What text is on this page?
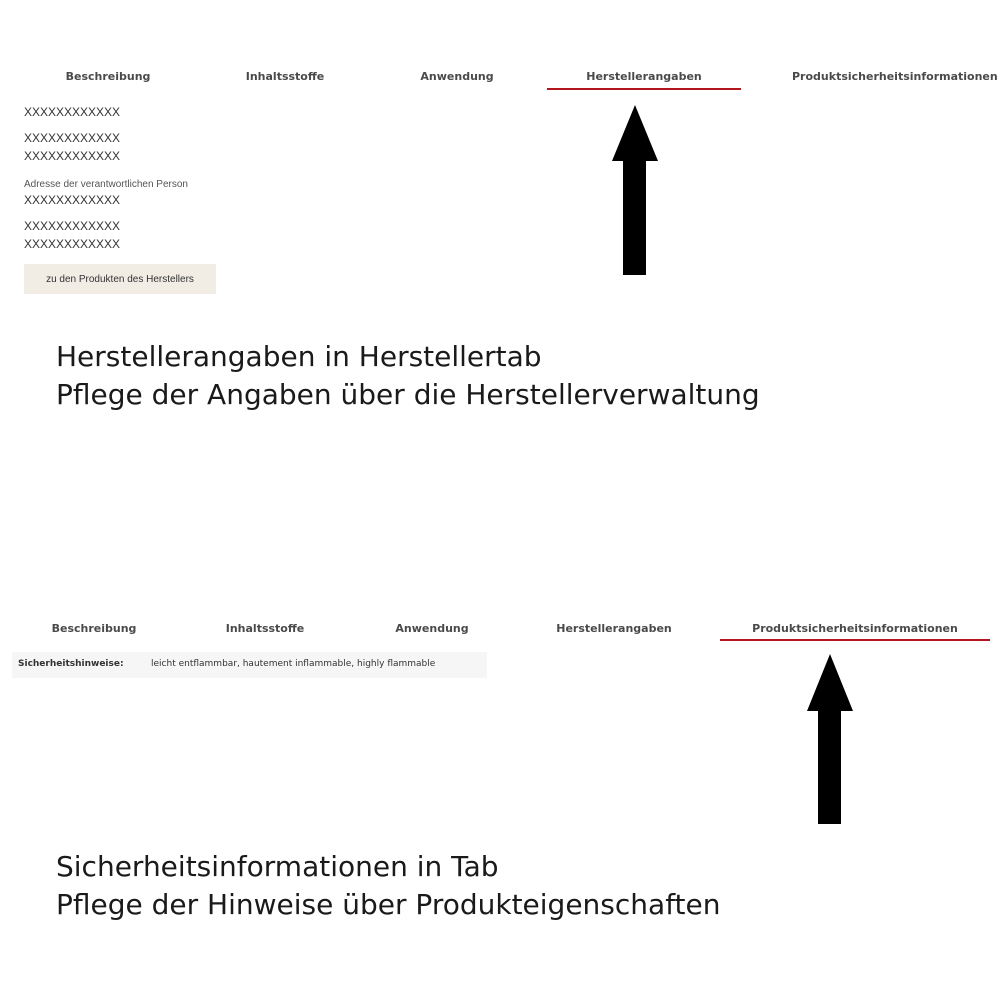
Beschreibung	Inhaltsstoffe	Anwendung	Herstellerangaben	Produktsicherheitsinformationen
XXXXXXXXXXXX
XXXXXXXXXXXX
XXXXXXXXXXXX
Adresse der verantwortlichen Person
XXXXXXXXXXXX
XXXXXXXXXXXX
XXXXXXXXXXXX
zu den Produkten des Herstellers
Herstellerangaben in Herstellertab
Pflege der Angaben über die Herstellerverwaltung
Beschreibung	Inhaltsstoffe	Anwendung	Herstellerangaben	Produktsicherheitsinformationen
Sicherheitshinweise:	leicht entflammbar, hautement inflammable, highly flammable
Sicherheitsinformationen in Tab
Pflege der Hinweise über Produkteigenschaften
